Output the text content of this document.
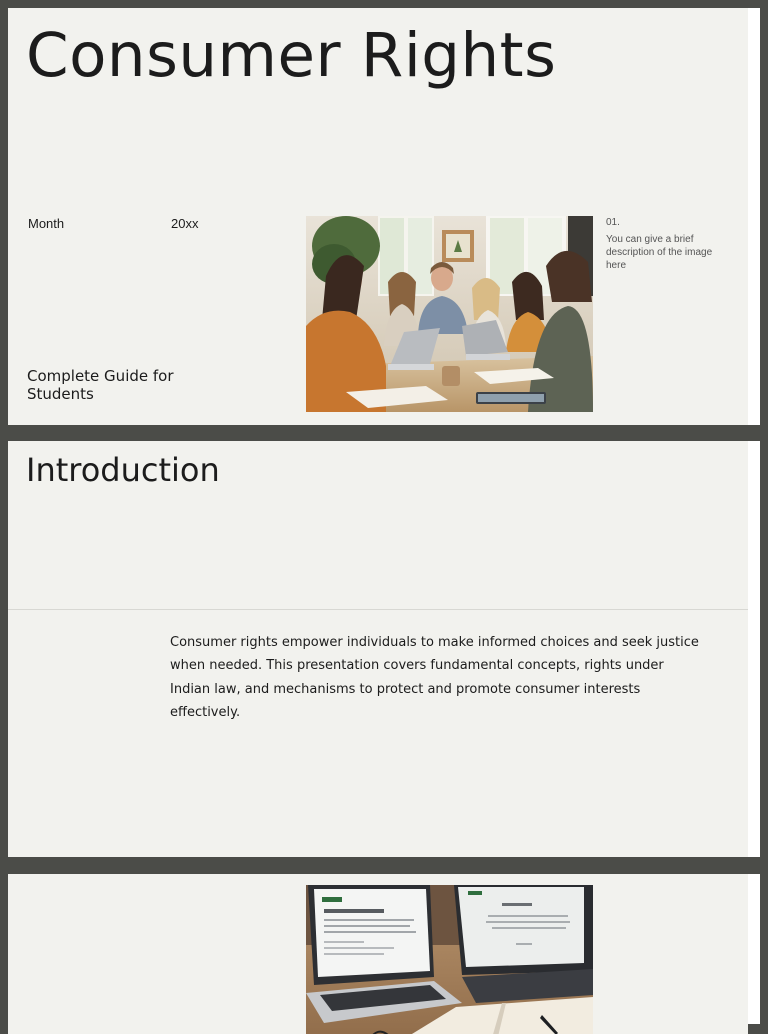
Consumer Rights
Month	20xx
Complete Guide for Students
01.
You can give a brief description of the image here
Introduction

Consumer rights empower individuals to make informed choices and seek justice when needed. This presentation covers fundamental concepts, rights under Indian law, and mechanisms to protect and promote consumer interests effectively.
